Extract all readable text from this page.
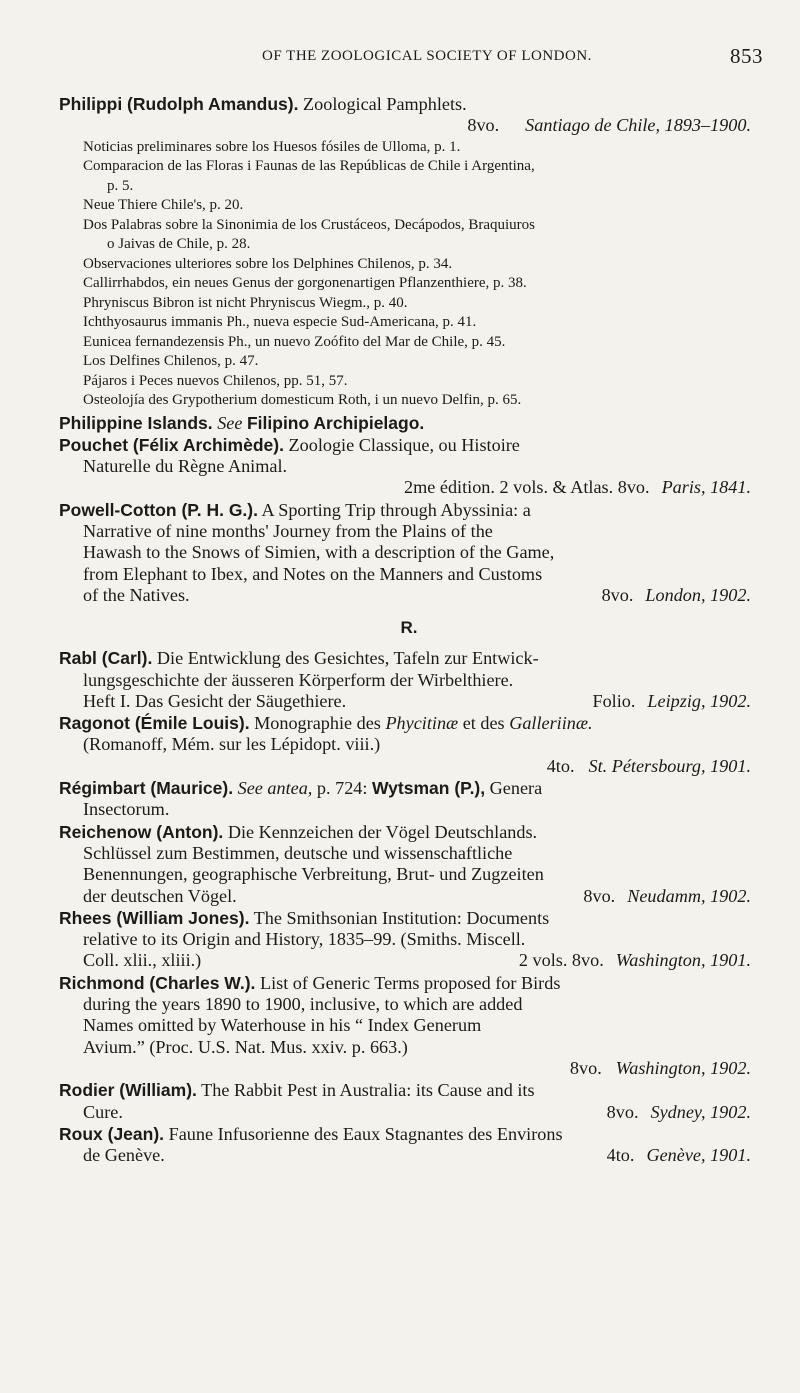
OF THE ZOOLOGICAL SOCIETY OF LONDON.	853
Philippi (Rudolph Amandus). Zoological Pamphlets.
8vo. Santiago de Chile, 1893–1900.
Noticias preliminares sobre los Huesos fósiles de Ulloma, p. 1.
Comparacion de las Floras i Faunas de las Repúblicas de Chile i Argentina,
p. 5.
Neue Thiere Chile's, p. 20.
Dos Palabras sobre la Sinonimia de los Crustáceos, Decápodos, Braquiuros
o Jaivas de Chile, p. 28.
Observaciones ulteriores sobre los Delphines Chilenos, p. 34.
Callirrhabdos, ein neues Genus der gorgonenartigen Pflanzenthiere, p. 38.
Phryniscus Bibron ist nicht Phryniscus Wiegm., p. 40.
Ichthyosaurus immanis Ph., nueva especie Sud-Americana, p. 41.
Eunicea fernandezensis Ph., un nuevo Zoófito del Mar de Chile, p. 45.
Los Delfines Chilenos, p. 47.
Pájaros i Peces nuevos Chilenos, pp. 51, 57.
Osteolojía des Grypotherium domesticum Roth, i un nuevo Delfin, p. 65.
Philippine Islands. See Filipino Archipielago.
Pouchet (Félix Archimède). Zoologie Classique, ou Histoire
Naturelle du Règne Animal.
2me édition. 2 vols. & Atlas. 8vo. Paris, 1841.
Powell-Cotton (P. H. G.). A Sporting Trip through Abyssinia: a
Narrative of nine months' Journey from the Plains of the
Hawash to the Snows of Simien, with a description of the Game,
from Elephant to Ibex, and Notes on the Manners and Customs
of the Natives.	8vo. London, 1902.
R.
Rabl (Carl). Die Entwicklung des Gesichtes, Tafeln zur Entwick-
lungsgeschichte der äusseren Körperform der Wirbelthiere.
Heft I. Das Gesicht der Säugethiere.	Folio. Leipzig, 1902.
Ragonot (Émile Louis). Monographie des Phycitinæ et des Galleriinæ.
(Romanoff, Mém. sur les Lépidopt. viii.)
4to. St. Pétersbourg, 1901.
Régimbart (Maurice). See antea, p. 724: Wytsman (P.), Genera
Insectorum.
Reichenow (Anton). Die Kennzeichen der Vögel Deutschlands.
Schlüssel zum Bestimmen, deutsche und wissenschaftliche
Benennungen, geographische Verbreitung, Brut- und Zugzeiten
der deutschen Vögel.	8vo. Neudamm, 1902.
Rhees (William Jones). The Smithsonian Institution: Documents
relative to its Origin and History, 1835–99. (Smiths. Miscell.
Coll. xlii., xliii.)	2 vols. 8vo. Washington, 1901.
Richmond (Charles W.). List of Generic Terms proposed for Birds
during the years 1890 to 1900, inclusive, to which are added
Names omitted by Waterhouse in his “ Index Generum
Avium.” (Proc. U.S. Nat. Mus. xxiv. p. 663.)
8vo. Washington, 1902.
Rodier (William). The Rabbit Pest in Australia: its Cause and its
Cure.	8vo. Sydney, 1902.
Roux (Jean). Faune Infusorienne des Eaux Stagnantes des Environs
de Genève.	4to. Genève, 1901.
